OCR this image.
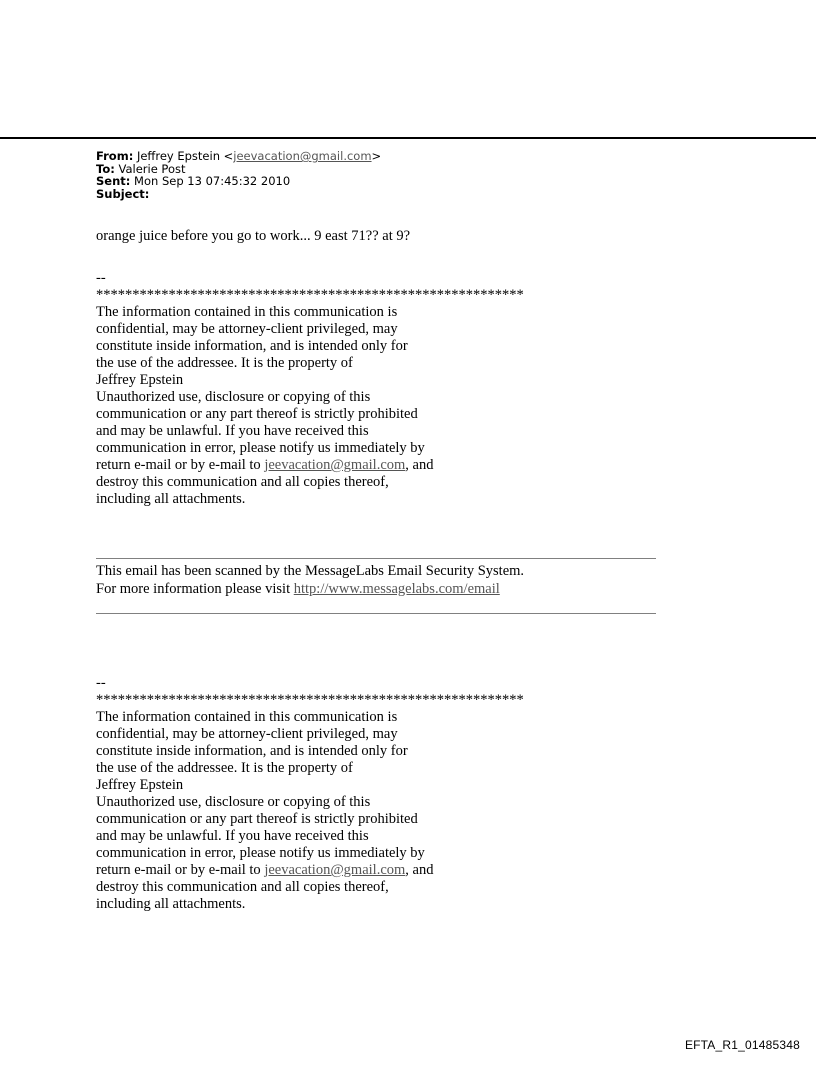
From: Jeffrey Epstein <jeevacation@gmail.com>
To: Valerie Post
Sent: Mon Sep 13 07:45:32 2010
Subject:
orange juice before you go to work... 9 east 71?? at 9?
--
***********************************************************
The information contained in this communication is
confidential, may be attorney-client privileged, may
constitute inside information, and is intended only for
the use of the addressee. It is the property of
Jeffrey Epstein
Unauthorized use, disclosure or copying of this
communication or any part thereof is strictly prohibited
and may be unlawful. If you have received this
communication in error, please notify us immediately by
return e-mail or by e-mail to jeevacation@gmail.com, and
destroy this communication and all copies thereof,
including all attachments.
This email has been scanned by the MessageLabs Email Security System.
For more information please visit http://www.messagelabs.com/email
--
***********************************************************
The information contained in this communication is
confidential, may be attorney-client privileged, may
constitute inside information, and is intended only for
the use of the addressee. It is the property of
Jeffrey Epstein
Unauthorized use, disclosure or copying of this
communication or any part thereof is strictly prohibited
and may be unlawful. If you have received this
communication in error, please notify us immediately by
return e-mail or by e-mail to jeevacation@gmail.com, and
destroy this communication and all copies thereof,
including all attachments.
EFTA_R1_01485348
